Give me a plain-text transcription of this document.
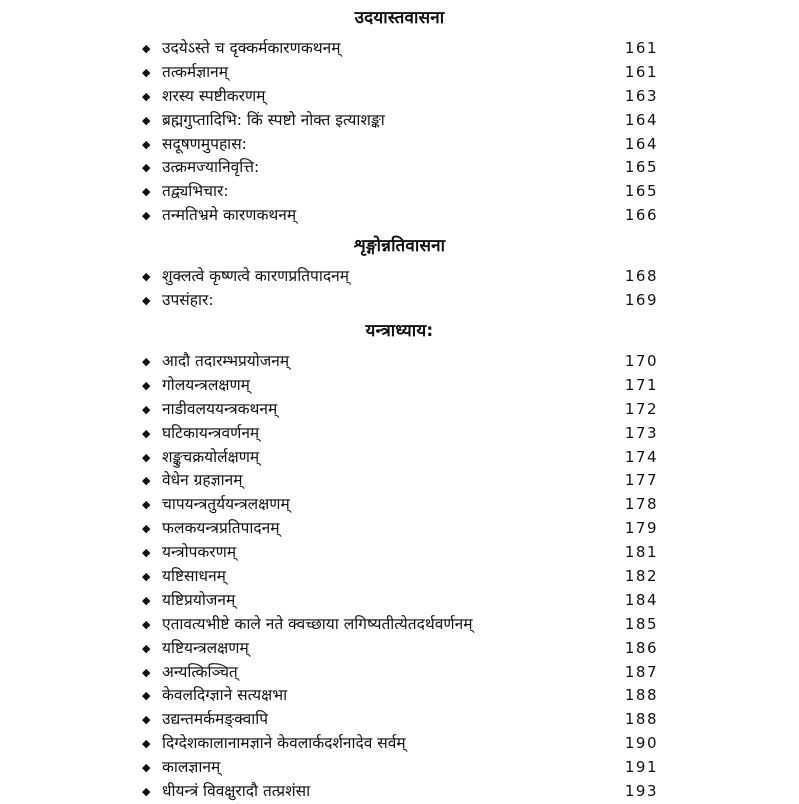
उदयास्तवासना
◆ उदयेऽस्ते च दृक्कर्मकारणकथनम्	161
◆ तत्कर्मज्ञानम्	161
◆ शरस्य स्पष्टीकरणम्	163
◆ ब्रह्मगुप्तादिभि: किं स्पष्टो नोक्त इत्याशङ्का	164
◆ सदूषणमुपहास:	164
◆ उत्क्रमज्यानिवृत्ति:	165
◆ तद्व्यभिचार:	165
◆ तन्मतिभ्रमे कारणकथनम्	166
शृङ्गोन्नतिवासना
◆ शुक्लत्वे कृष्णत्वे कारणप्रतिपादनम्	168
◆ उपसंहार:	169
यन्त्राध्याय:
◆ आदौ तदारम्भप्रयोजनम्	170
◆ गोलयन्त्रलक्षणम्	171
◆ नाडीवलययन्त्रकथनम्	172
◆ घटिकायन्त्रवर्णनम्	173
◆ शङ्कुचक्रयोर्लक्षणम्	174
◆ वेधेन ग्रहज्ञानम्	177
◆ चापयन्त्रतुर्ययन्त्रलक्षणम्	178
◆ फलकयन्त्रप्रतिपादनम्	179
◆ यन्त्रोपकरणम्	181
◆ यष्टिसाधनम्	182
◆ यष्टिप्रयोजनम्	184
◆ एतावत्यभीष्टे काले नते क्वच्छाया लगिष्यतीत्येतदर्थवर्णनम्	185
◆ यष्टियन्त्रलक्षणम्	186
◆ अन्यत्किञ्चित्	187
◆ केवलदिग्ज्ञाने सत्यक्षभा	188
◆ उद्यन्तमर्कमङ्क्वापि	188
◆ दिग्देशकालानामज्ञाने केवलार्कदर्शनादेव सर्वम्	190
◆ कालज्ञानम्	191
◆ धीयन्त्रं विवक्षुरादौ तत्प्रशंसा	193
